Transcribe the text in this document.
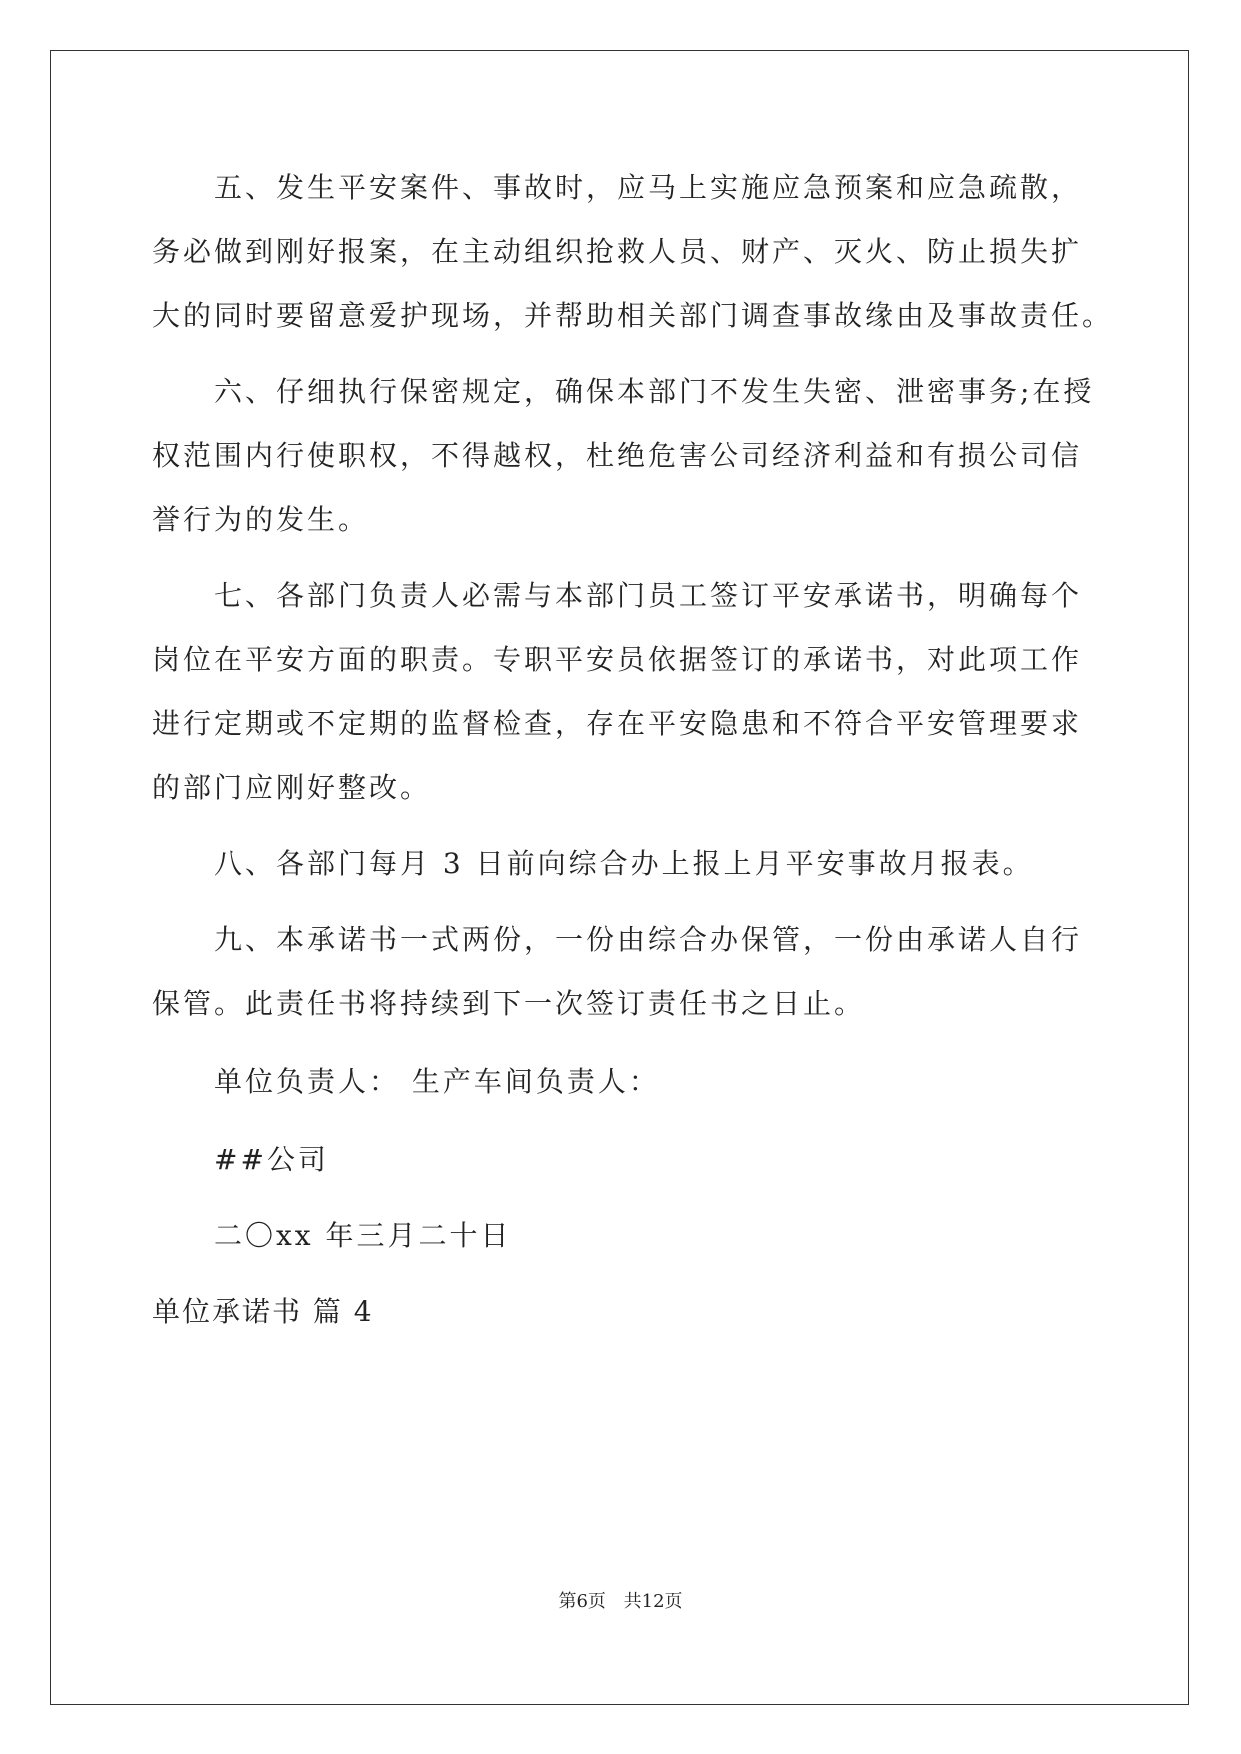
五、发生平安案件、事故时，应马上实施应急预案和应急疏散，
务必做到刚好报案，在主动组织抢救人员、财产、灭火、防止损失扩
大的同时要留意爱护现场，并帮助相关部门调查事故缘由及事故责任。
六、仔细执行保密规定，确保本部门不发生失密、泄密事务;在授
权范围内行使职权，不得越权，杜绝危害公司经济利益和有损公司信
誉行为的发生。
七、各部门负责人必需与本部门员工签订平安承诺书，明确每个
岗位在平安方面的职责。专职平安员依据签订的承诺书，对此项工作
进行定期或不定期的监督检查，存在平安隐患和不符合平安管理要求
的部门应刚好整改。
八、各部门每月 3 日前向综合办上报上月平安事故月报表。
九、本承诺书一式两份，一份由综合办保管，一份由承诺人自行
保管。此责任书将持续到下一次签订责任书之日止。
单位负责人： 生产车间负责人：
##公司
二〇xx 年三月二十日
单位承诺书 篇 4
第6页 共12页
